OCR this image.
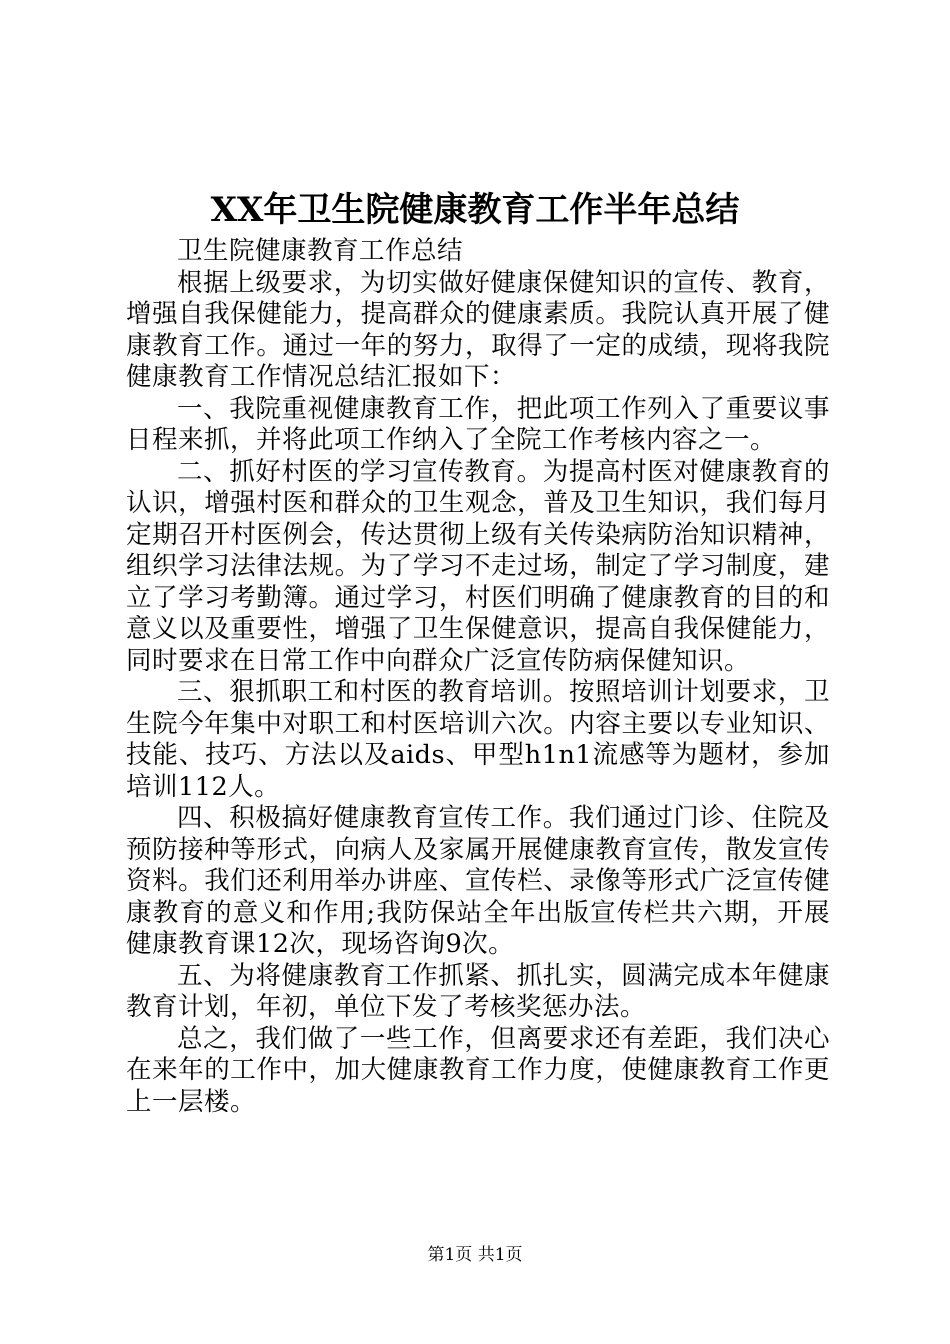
XX年卫生院健康教育工作半年总结

卫生院健康教育工作总结

根据上级要求，为切实做好健康保健知识的宣传、教育，增强自我保健能力，提高群众的健康素质。我院认真开展了健康教育工作。通过一年的努力，取得了一定的成绩，现将我院健康教育工作情况总结汇报如下：

一、我院重视健康教育工作，把此项工作列入了重要议事日程来抓，并将此项工作纳入了全院工作考核内容之一。

二、抓好村医的学习宣传教育。为提高村医对健康教育的认识，增强村医和群众的卫生观念，普及卫生知识，我们每月定期召开村医例会，传达贯彻上级有关传染病防治知识精神，组织学习法律法规。为了学习不走过场，制定了学习制度，建立了学习考勤簿。通过学习，村医们明确了健康教育的目的和意义以及重要性，增强了卫生保健意识，提高自我保健能力，同时要求在日常工作中向群众广泛宣传防病保健知识。

三、狠抓职工和村医的教育培训。按照培训计划要求，卫生院今年集中对职工和村医培训六次。内容主要以专业知识、技能、技巧、方法以及aids、甲型h1n1流感等为题材，参加培训112人。

四、积极搞好健康教育宣传工作。我们通过门诊、住院及预防接种等形式，向病人及家属开展健康教育宣传，散发宣传资料。我们还利用举办讲座、宣传栏、录像等形式广泛宣传健康教育的意义和作用;我防保站全年出版宣传栏共六期，开展健康教育课12次，现场咨询9次。

五、为将健康教育工作抓紧、抓扎实，圆满完成本年健康教育计划，年初，单位下发了考核奖惩办法。

总之，我们做了一些工作，但离要求还有差距，我们决心在来年的工作中，加大健康教育工作力度，使健康教育工作更上一层楼。

第1页 共1页
